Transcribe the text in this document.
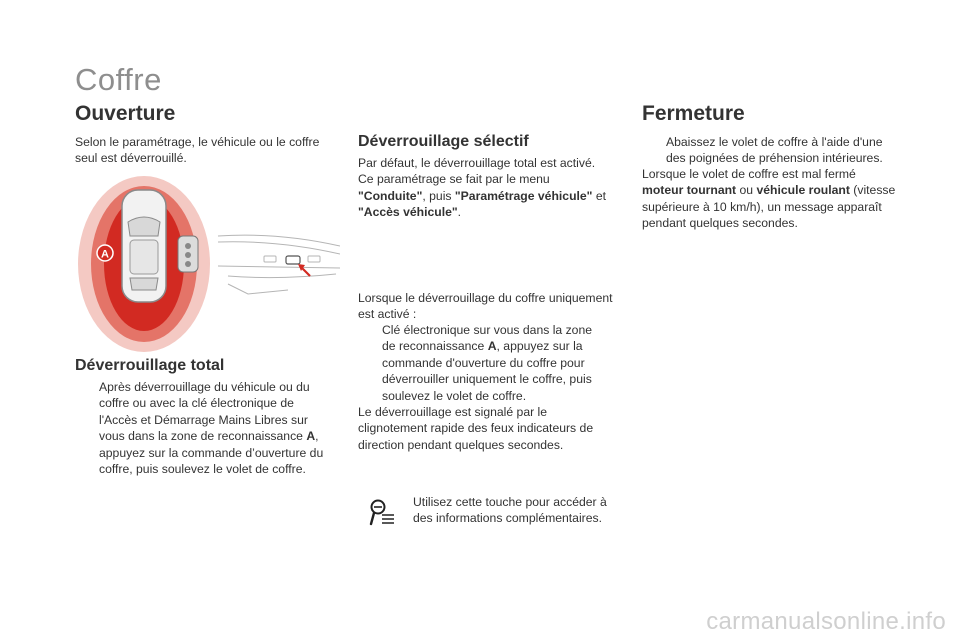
Coffre
Ouverture
Selon le paramétrage, le véhicule ou le coffre
seul est déverrouillé.
A
Déverrouillage total
Après déverrouillage du véhicule ou du
coffre ou avec la clé électronique de
l'Accès et Démarrage Mains Libres sur
vous dans la zone de reconnaissance A,
appuyez sur la commande d’ouverture du
coffre, puis soulevez le volet de coffre.
Déverrouillage sélectif
Par défaut, le déverrouillage total est activé.
Ce paramétrage se fait par le menu
"Conduite", puis "Paramétrage véhicule" et
"Accès véhicule".
Lorsque le déverrouillage du coffre uniquement
est activé :
Clé électronique sur vous dans la zone
de reconnaissance A, appuyez sur la
commande d'ouverture du coffre pour
déverrouiller uniquement le coffre, puis
soulevez le volet de coffre.
Le déverrouillage est signalé par le
clignotement rapide des feux indicateurs de
direction pendant quelques secondes.
Utilisez cette touche pour accéder à
des informations complémentaires.
Fermeture
Abaissez le volet de coffre à l'aide d'une
des poignées de préhension intérieures.
Lorsque le volet de coffre est mal fermé
moteur tournant ou véhicule roulant (vitesse
supérieure à 10 km/h), un message apparaît
pendant quelques secondes.
carmanualsonline.info
